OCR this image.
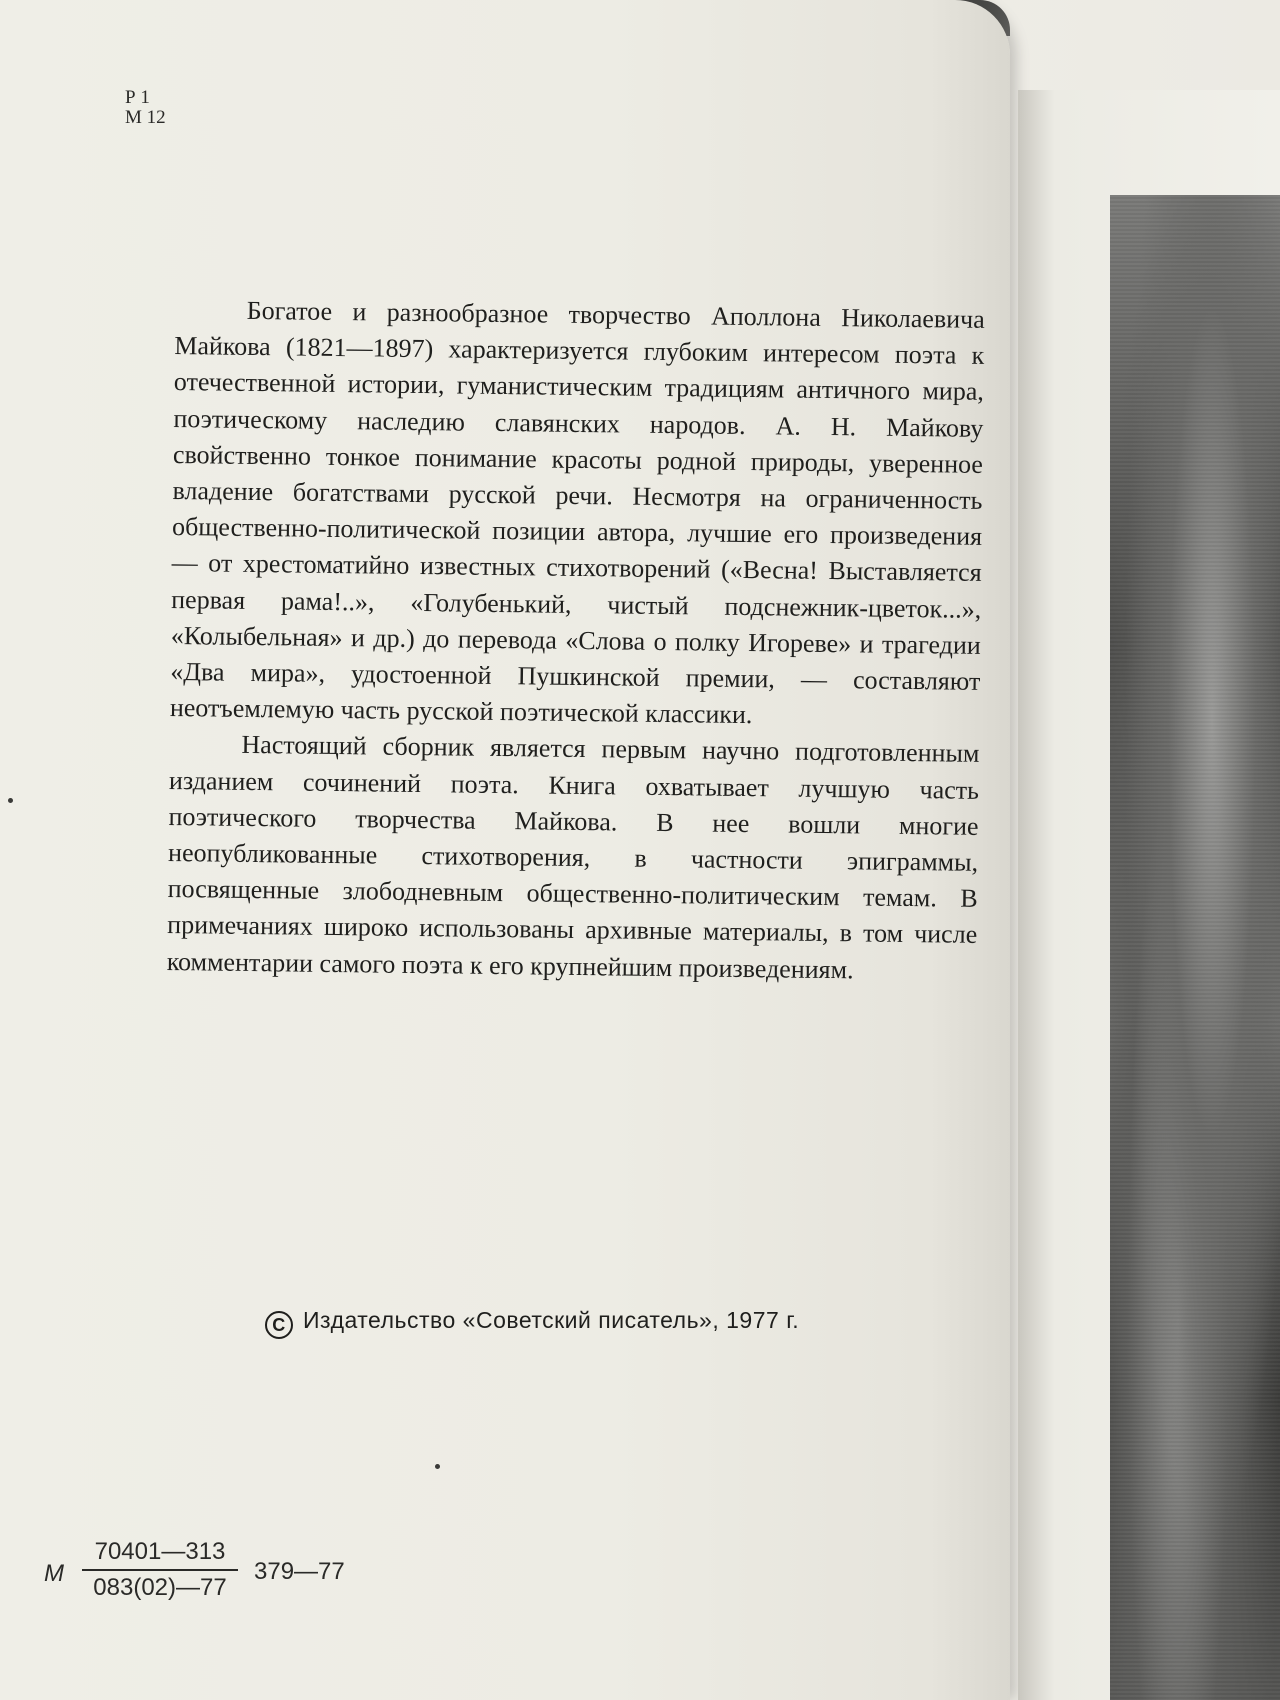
Р 1
М 12

Богатое и разнообразное творчество Аполлона Николаевича Майкова (1821—1897) характеризуется глубоким интересом поэта к отечественной истории, гуманистическим традициям античного мира, поэтическому наследию славянских народов. А. Н. Майкову свойственно тонкое понимание красоты родной природы, уверенное владение богатствами русской речи. Несмотря на ограниченность общественно-политической позиции автора, лучшие его произведения — от хрестоматийно известных стихотворений («Весна! Выставляется первая рама!..», «Голубенький, чистый подснежник-цветок...», «Колыбельная» и др.) до перевода «Слова о полку Игореве» и трагедии «Два мира», удостоенной Пушкинской премии, — составляют неотъемлемую часть русской поэтической классики.

Настоящий сборник является первым научно подготовленным изданием сочинений поэта. Книга охватывает лучшую часть поэтического творчества Майкова. В нее вошли многие неопубликованные стихотворения, в частности эпиграммы, посвященные злободневным общественно-политическим темам. В примечаниях широко использованы архивные материалы, в том числе комментарии самого поэта к его крупнейшим произведениям.

С Издательство «Советский писатель», 1977 г.
М $\frac{70401—313}{083(02)—77}$ 379—77
